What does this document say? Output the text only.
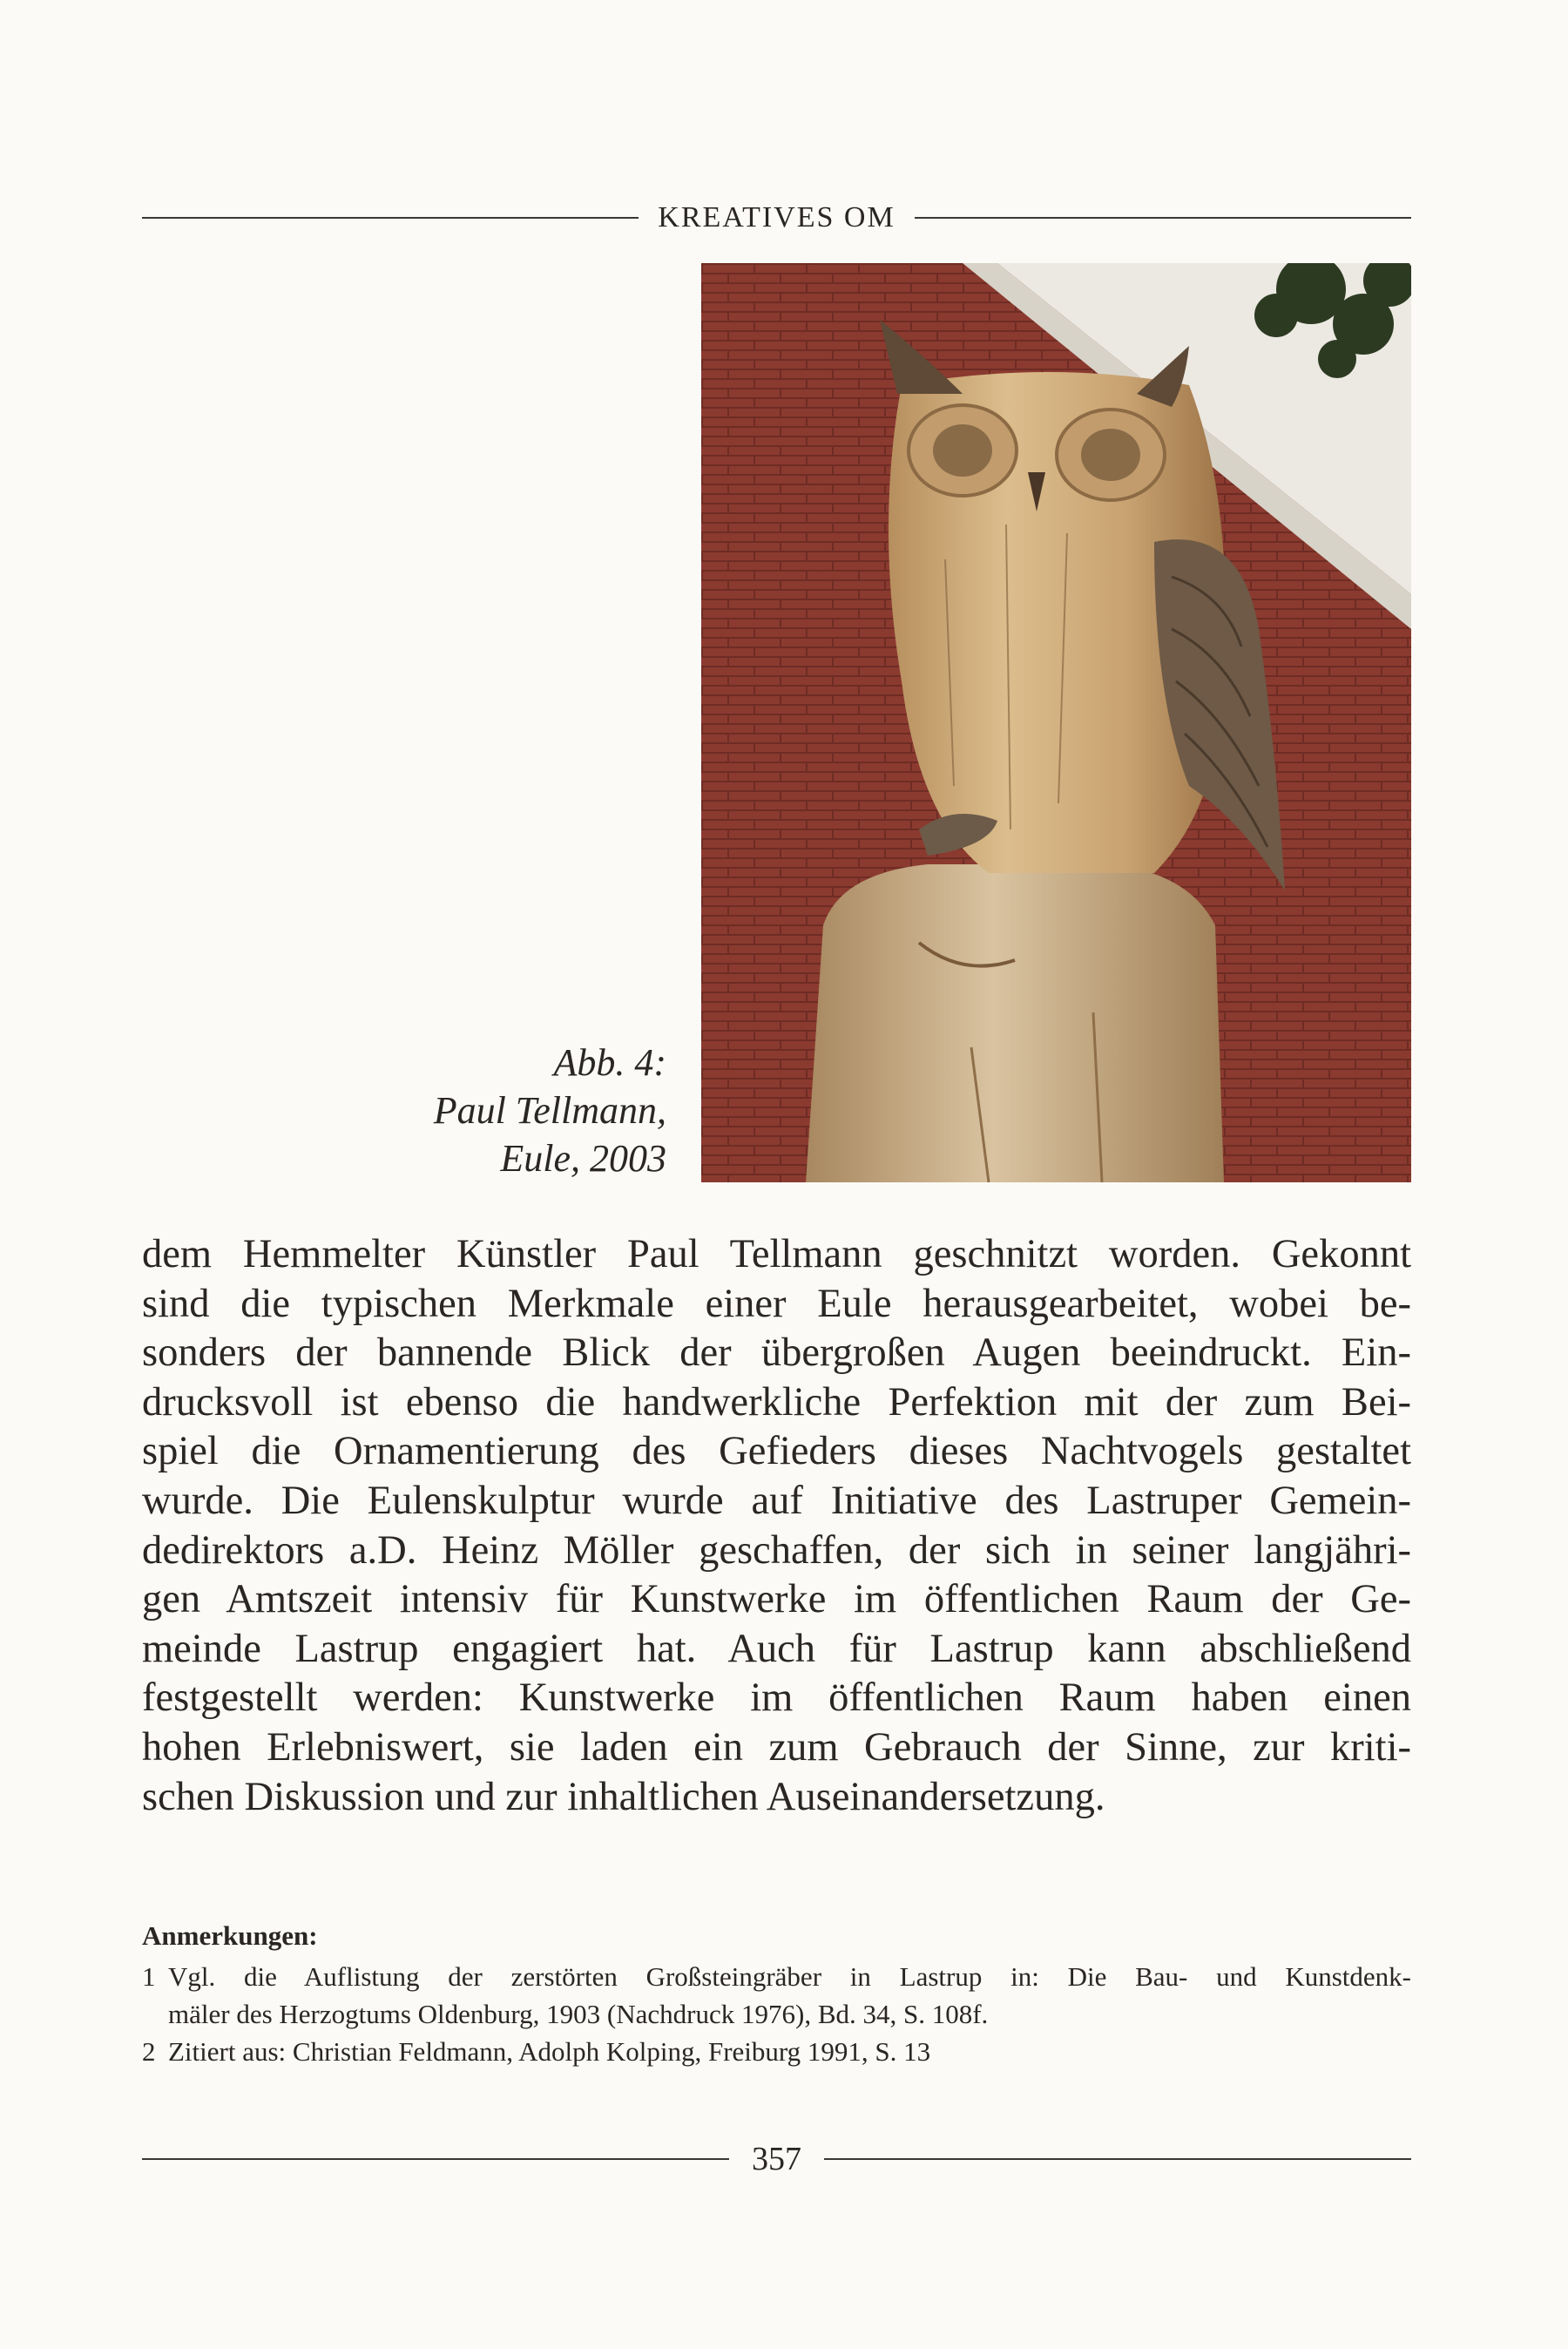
KREATIVES OM
Abb. 4:
Paul Tellmann,
Eule, 2003
dem Hemmelter Künstler Paul Tellmann geschnitzt worden. Gekonnt
sind die typischen Merkmale einer Eule herausgearbeitet, wobei be-
sonders der bannende Blick der übergroßen Augen beeindruckt. Ein-
drucksvoll ist ebenso die handwerkliche Perfektion mit der zum Bei-
spiel die Ornamentierung des Gefieders dieses Nachtvogels gestaltet
wurde. Die Eulenskulptur wurde auf Initiative des Lastruper Gemein-
dedirektors a.D. Heinz Möller geschaffen, der sich in seiner langjähri-
gen Amtszeit intensiv für Kunstwerke im öffentlichen Raum der Ge-
meinde Lastrup engagiert hat. Auch für Lastrup kann abschließend
festgestellt werden: Kunstwerke im öffentlichen Raum haben einen
hohen Erlebniswert, sie laden ein zum Gebrauch der Sinne, zur kriti-
schen Diskussion und zur inhaltlichen Auseinandersetzung.
Anmerkungen:
1 Vgl. die Auflistung der zerstörten Großsteingräber in Lastrup in: Die Bau- und Kunstdenk-
mäler des Herzogtums Oldenburg, 1903 (Nachdruck 1976), Bd. 34, S. 108f.
2 Zitiert aus: Christian Feldmann, Adolph Kolping, Freiburg 1991, S. 13
357
